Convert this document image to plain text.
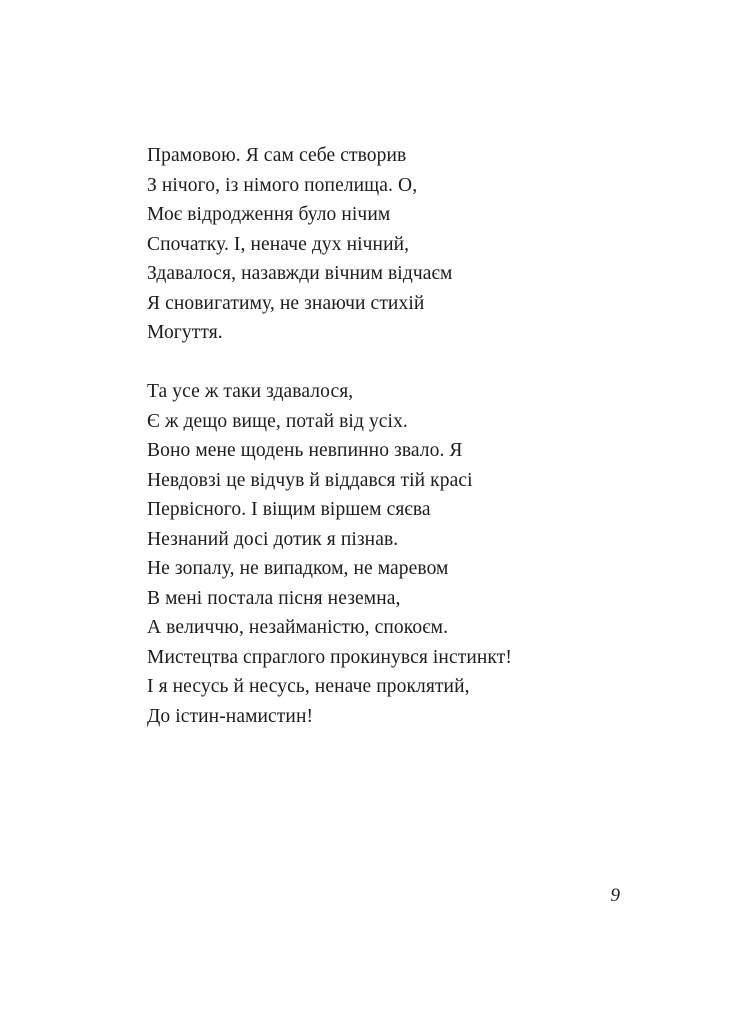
Прамовою. Я сам себе створив
З нічого, із німого попелища. О,
Моє відродження було нічим
Спочатку. І, неначе дух нічний,
Здавалося, назавжди вічним відчаєм
Я сновигатиму, не знаючи стихій
Могуття.

Та усе ж таки здавалося,
Є ж дещо вище, потай від усіх.
Воно мене щодень невпинно звало. Я
Невдовзі це відчув й віддався тій красі
Первісного. І віщим віршем сяєва
Незнаний досі дотик я пізнав.
Не зопалу, не випадком, не маревом
В мені постала пісня неземна,
А величчю, незайманістю, спокоєм.
Мистецтва спраглого прокинувся інстинкт!
І я несусь й несусь, неначе проклятий,
До істин-намистин!

9
